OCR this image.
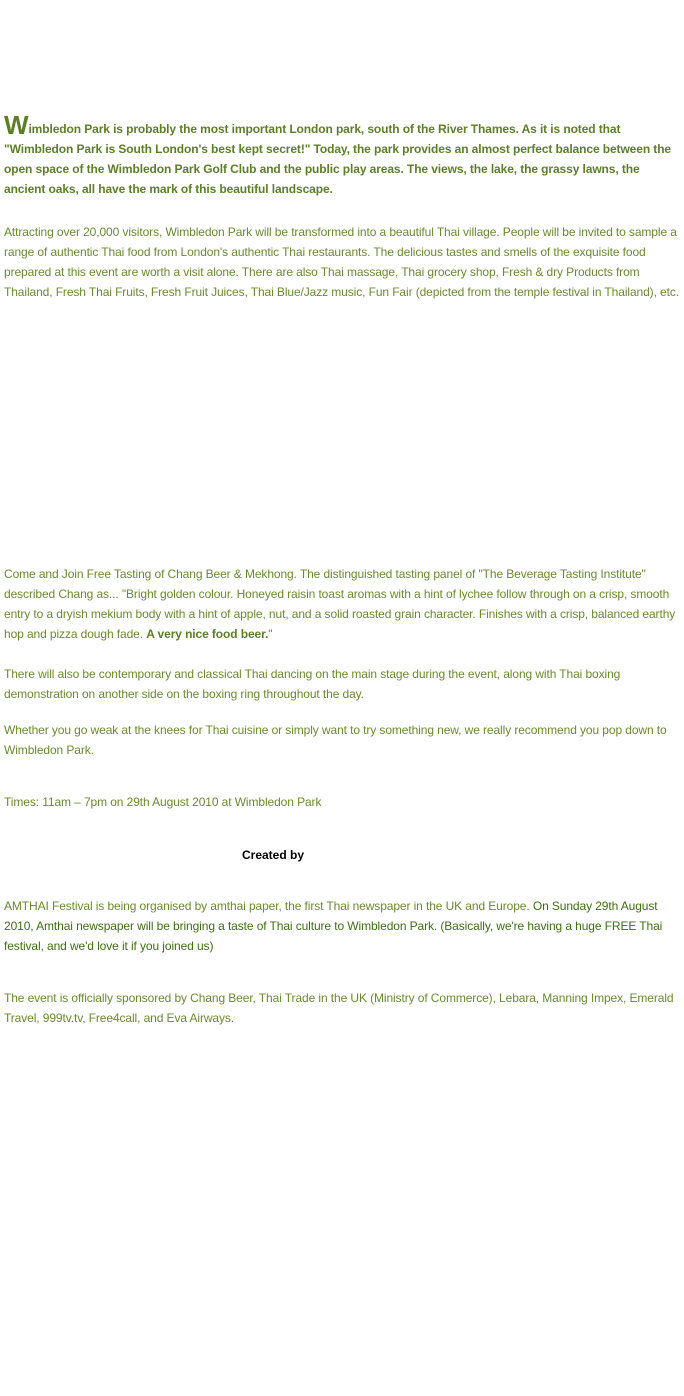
Wimbledon Park is probably the most important London park, south of the River Thames. As it is noted that "Wimbledon Park is South London's best kept secret!" Today, the park provides an almost perfect balance between the open space of the Wimbledon Park Golf Club and the public play areas. The views, the lake, the grassy lawns, the ancient oaks, all have the mark of this beautiful landscape.

Attracting over 20,000 visitors, Wimbledon Park will be transformed into a beautiful Thai village. People will be invited to sample a range of authentic Thai food from London's authentic Thai restaurants. The delicious tastes and smells of the exquisite food prepared at this event are worth a visit alone. There are also Thai massage, Thai grocery shop, Fresh & dry Products from Thailand, Fresh Thai Fruits, Fresh Fruit Juices, Thai Blue/Jazz music, Fun Fair (depicted from the temple festival in Thailand), etc.

Come and Join Free Tasting of Chang Beer & Mekhong. The distinguished tasting panel of "The Beverage Tasting Institute" described Chang as... "Bright golden colour. Honeyed raisin toast aromas with a hint of lychee follow through on a crisp, smooth entry to a dryish mekium body with a hint of apple, nut, and a solid roasted grain character. Finishes with a crisp, balanced earthy hop and pizza dough fade. A very nice food beer."

There will also be contemporary and classical Thai dancing on the main stage during the event, along with Thai boxing demonstration on another side on the boxing ring throughout the day.

Whether you go weak at the knees for Thai cuisine or simply want to try something new, we really recommend you pop down to Wimbledon Park.

Times: 11am – 7pm on 29th August 2010 at Wimbledon Park

Created by

AMTHAI Festival is being organised by amthai paper, the first Thai newspaper in the UK and Europe. On Sunday 29th August 2010, Amthai newspaper will be bringing a taste of Thai culture to Wimbledon Park. (Basically, we're having a huge FREE Thai festival, and we'd love it if you joined us)

The event is officially sponsored by Chang Beer, Thai Trade in the UK (Ministry of Commerce), Lebara, Manning Impex, Emerald Travel, 999tv.tv, Free4call, and Eva Airways.
